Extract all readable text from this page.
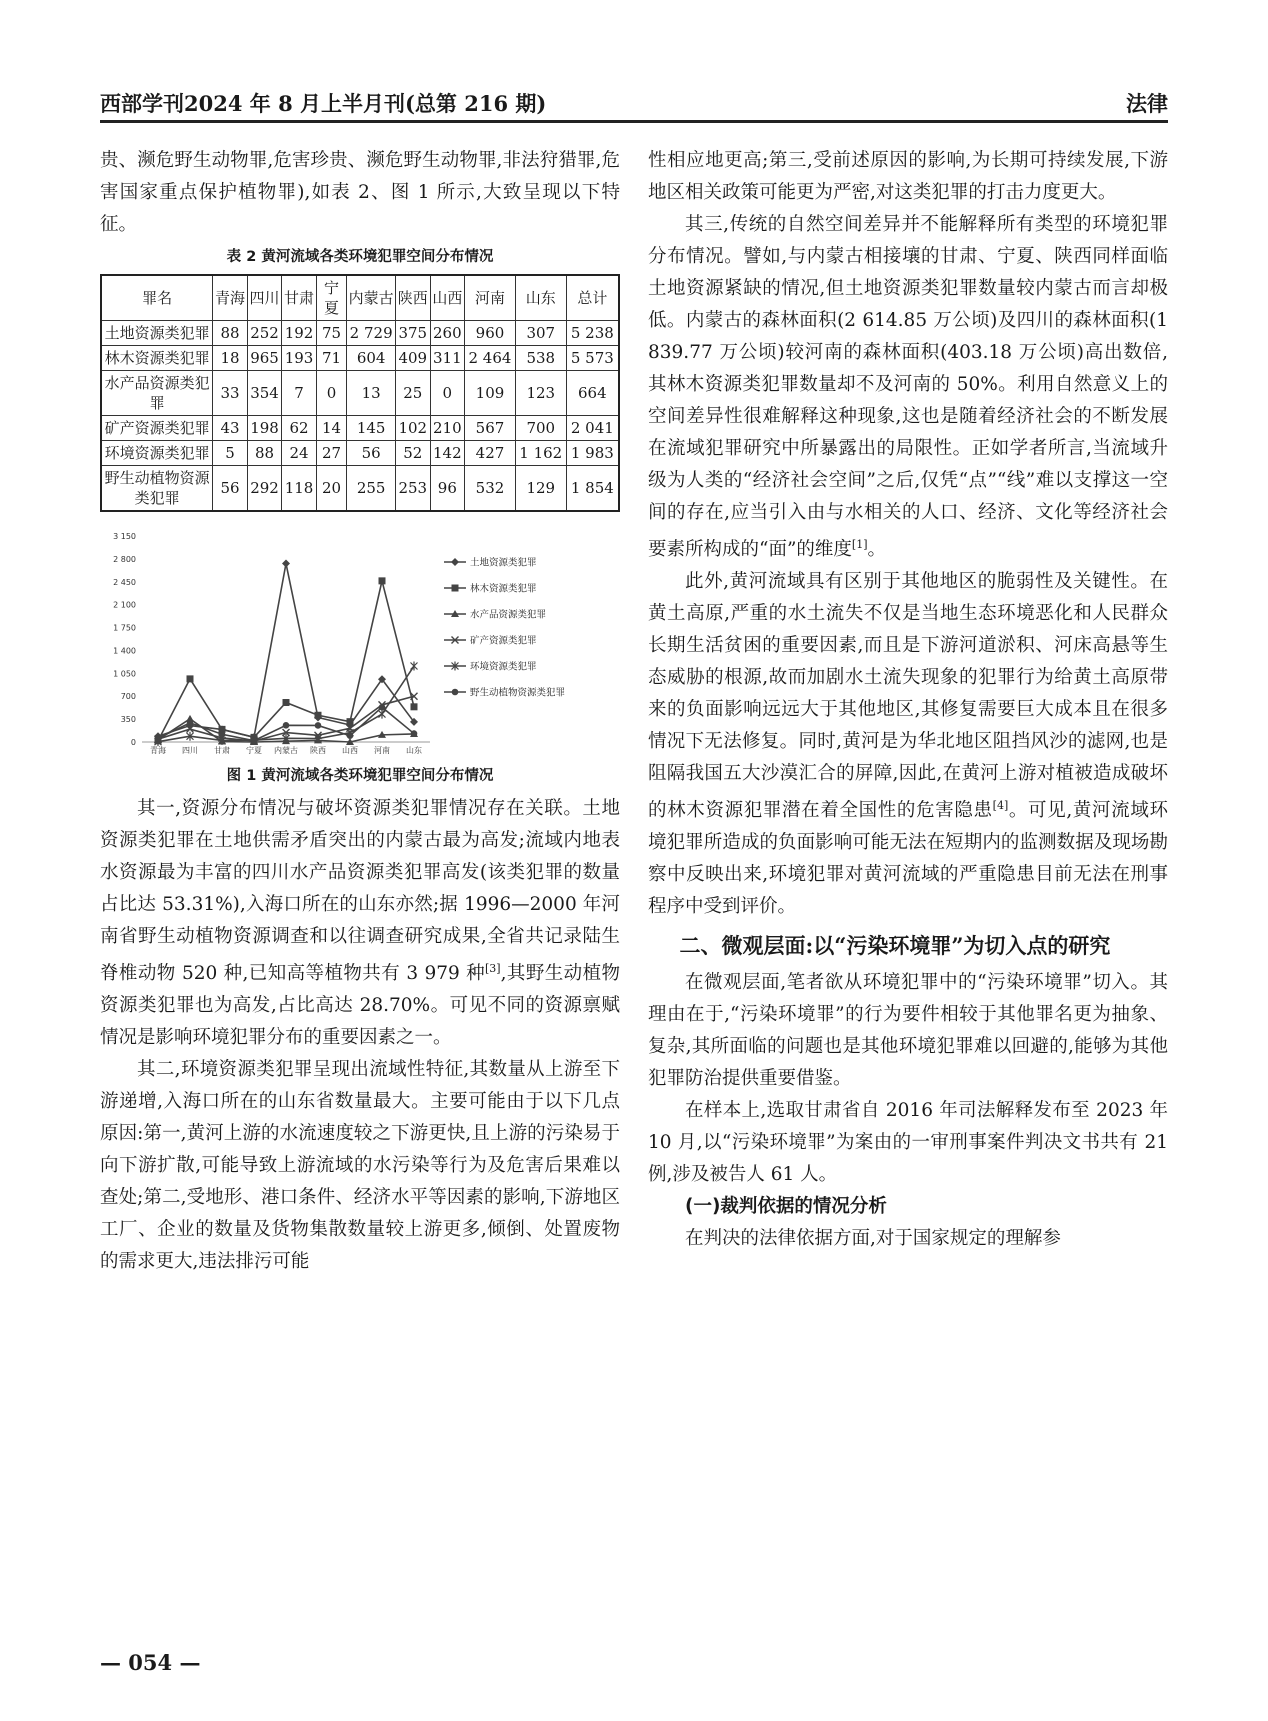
西部学刊2024 年 8 月上半月刊(总第 216 期)	法律

贵、濒危野生动物罪,危害珍贵、濒危野生动物罪,非法狩猎罪,危害国家重点保护植物罪),如表 2、图 1 所示,大致呈现以下特征。

表 2 黄河流域各类环境犯罪空间分布情况
罪名	青海	四川	甘肃	宁夏	内蒙古	陕西	山西	河南	山东	总计
土地资源类犯罪	88	252	192	75	2 729	375	260	960	307	5 238
林木资源类犯罪	18	965	193	71	604	409	311	2 464	538	5 573
水产品资源类犯罪	33	354	7	0	13	25	0	109	123	664
矿产资源类犯罪	43	198	62	14	145	102	210	567	700	2 041
环境资源类犯罪	5	88	24	27	56	52	142	427	1 162	1 983
野生动植物资源类犯罪	56	292	118	20	255	253	96	532	129	1 854
0
350
700
1 050
1 400
1 750
2 100
2 450
2 800
3 150
青海 四川 甘肃 宁夏 内蒙古 陕西 山西 河南 山东
土地资源类犯罪
林木资源类犯罪
水产品资源类犯罪
矿产资源类犯罪
环境资源类犯罪
野生动植物资源类犯罪
图 1 黄河流域各类环境犯罪空间分布情况

其一,资源分布情况与破坏资源类犯罪情况存在关联。土地资源类犯罪在土地供需矛盾突出的内蒙古最为高发;流域内地表水资源最为丰富的四川水产品资源类犯罪高发(该类犯罪的数量占比达 53.31%),入海口所在的山东亦然;据 1996—2000 年河南省野生动植物资源调查和以往调查研究成果,全省共记录陆生脊椎动物 520 种,已知高等植物共有 3 979 种[3],其野生动植物资源类犯罪也为高发,占比高达 28.70%。可见不同的资源禀赋情况是影响环境犯罪分布的重要因素之一。

其二,环境资源类犯罪呈现出流域性特征,其数量从上游至下游递增,入海口所在的山东省数量最大。主要可能由于以下几点原因:第一,黄河上游的水流速度较之下游更快,且上游的污染易于向下游扩散,可能导致上游流域的水污染等行为及危害后果难以查处;第二,受地形、港口条件、经济水平等因素的影响,下游地区工厂、企业的数量及货物集散数量较上游更多,倾倒、处置废物的需求更大,违法排污可能

性相应地更高;第三,受前述原因的影响,为长期可持续发展,下游地区相关政策可能更为严密,对这类犯罪的打击力度更大。

其三,传统的自然空间差异并不能解释所有类型的环境犯罪分布情况。譬如,与内蒙古相接壤的甘肃、宁夏、陕西同样面临土地资源紧缺的情况,但土地资源类犯罪数量较内蒙古而言却极低。内蒙古的森林面积(2 614.85 万公顷)及四川的森林面积(1 839.77 万公顷)较河南的森林面积(403.18 万公顷)高出数倍,其林木资源类犯罪数量却不及河南的 50%。利用自然意义上的空间差异性很难解释这种现象,这也是随着经济社会的不断发展在流域犯罪研究中所暴露出的局限性。正如学者所言,当流域升级为人类的“经济社会空间”之后,仅凭“点”“线”难以支撑这一空间的存在,应当引入由与水相关的人口、经济、文化等经济社会要素所构成的“面”的维度[1]。

此外,黄河流域具有区别于其他地区的脆弱性及关键性。在黄土高原,严重的水土流失不仅是当地生态环境恶化和人民群众长期生活贫困的重要因素,而且是下游河道淤积、河床高悬等生态威胁的根源,故而加剧水土流失现象的犯罪行为给黄土高原带来的负面影响远远大于其他地区,其修复需要巨大成本且在很多情况下无法修复。同时,黄河是为华北地区阻挡风沙的滤网,也是阻隔我国五大沙漠汇合的屏障,因此,在黄河上游对植被造成破坏的林木资源犯罪潜在着全国性的危害隐患[4]。可见,黄河流域环境犯罪所造成的负面影响可能无法在短期内的监测数据及现场勘察中反映出来,环境犯罪对黄河流域的严重隐患目前无法在刑事程序中受到评价。

二、微观层面:以“污染环境罪”为切入点的研究

在微观层面,笔者欲从环境犯罪中的“污染环境罪”切入。其理由在于,“污染环境罪”的行为要件相较于其他罪名更为抽象、复杂,其所面临的问题也是其他环境犯罪难以回避的,能够为其他犯罪防治提供重要借鉴。

在样本上,选取甘肃省自 2016 年司法解释发布至 2023 年 10 月,以“污染环境罪”为案由的一审刑事案件判决文书共有 21 例,涉及被告人 61 人。

(一)裁判依据的情况分析

在判决的法律依据方面,对于国家规定的理解参

— 054 —
